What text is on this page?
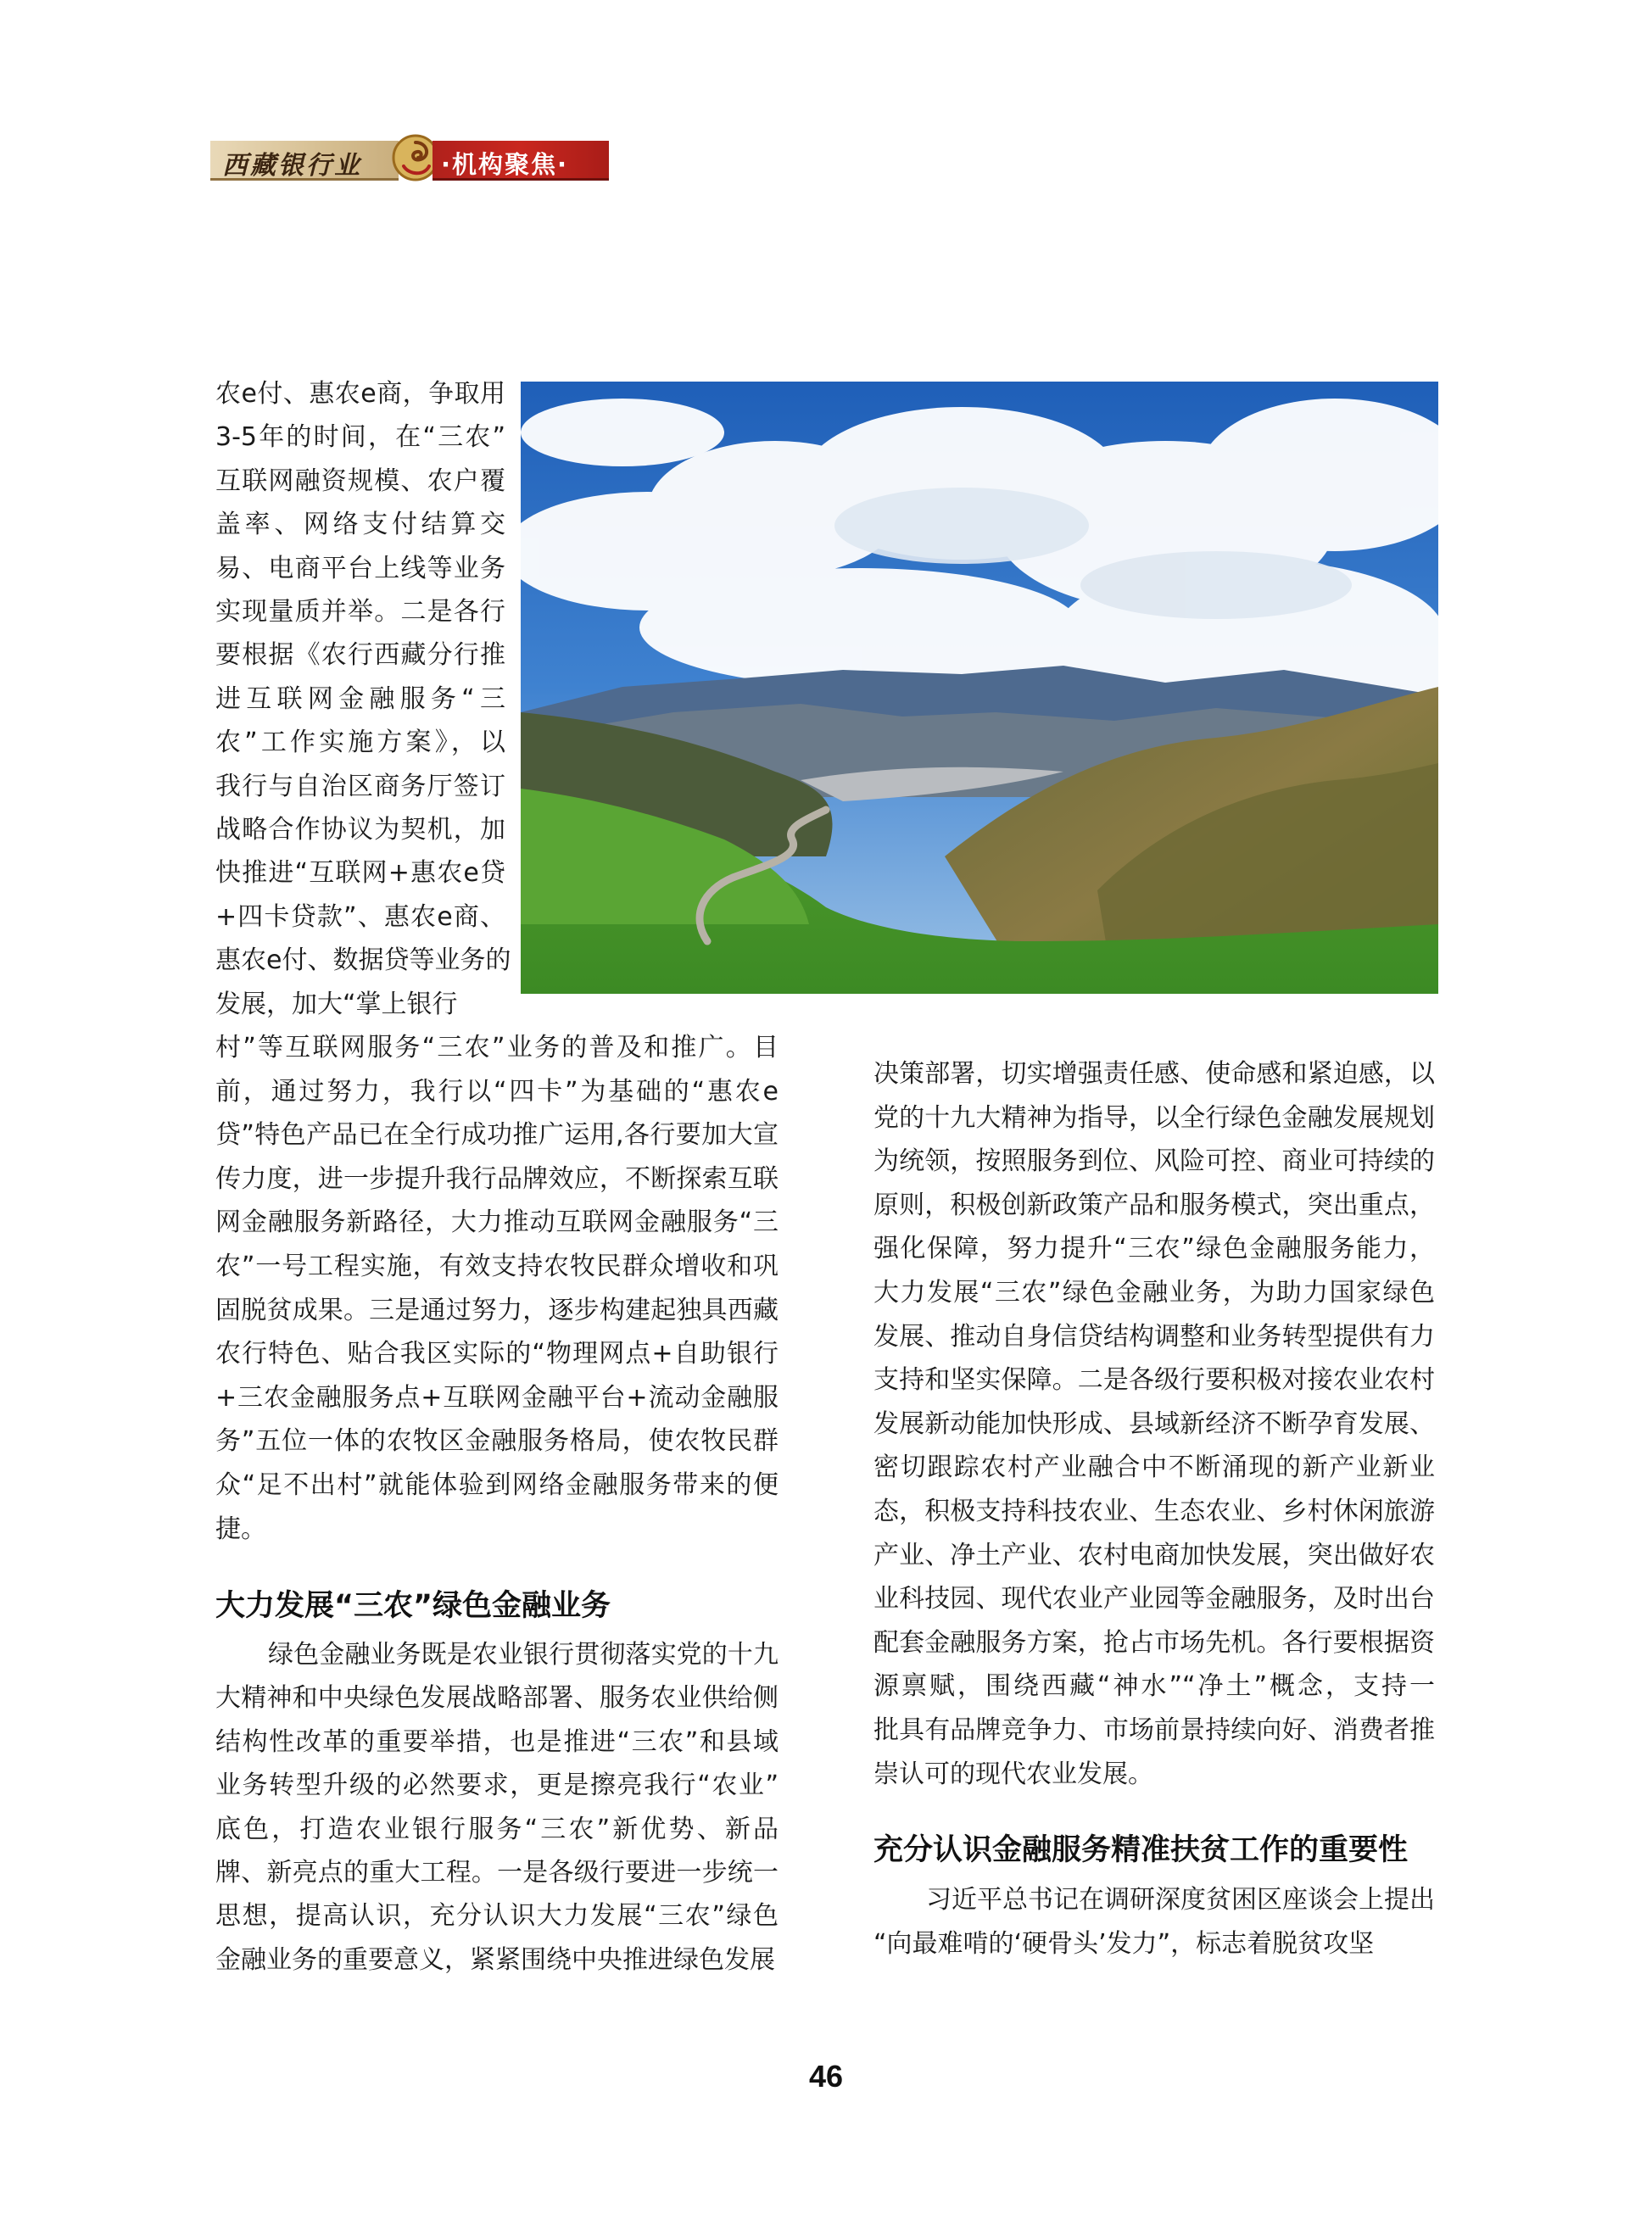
西藏银行业	·机构聚焦·
农e付、惠农e商，争取用
3-5年的时间，在“三农”
互联网融资规模、农户覆
盖率、网络支付结算交
易、电商平台上线等业务
实现量质并举。二是各行
要根据《农行西藏分行推
进互联网金融服务“三
农”工作实施方案》，以
我行与自治区商务厅签订
战略合作协议为契机，加
快推进“互联网+惠农e贷
+四卡贷款”、惠农e商、
惠农e付、数据贷等业务的
发展，加大“掌上银行
村”等互联网服务“三农”业务的普及和推广。目
前，通过努力，我行以“四卡”为基础的“惠农e
贷”特色产品已在全行成功推广运用,各行要加大宣
传力度，进一步提升我行品牌效应，不断探索互联
网金融服务新路径，大力推动互联网金融服务“三
农”一号工程实施，有效支持农牧民群众增收和巩
固脱贫成果。三是通过努力，逐步构建起独具西藏
农行特色、贴合我区实际的“物理网点+自助银行
+三农金融服务点+互联网金融平台+流动金融服
务”五位一体的农牧区金融服务格局，使农牧民群
众“足不出村”就能体验到网络金融服务带来的便
捷。
大力发展“三农”绿色金融业务
绿色金融业务既是农业银行贯彻落实党的十九
大精神和中央绿色发展战略部署、服务农业供给侧
结构性改革的重要举措，也是推进“三农”和县域
业务转型升级的必然要求，更是擦亮我行“农业”
底色，打造农业银行服务“三农”新优势、新品
牌、新亮点的重大工程。一是各级行要进一步统一
思想，提高认识，充分认识大力发展“三农”绿色
金融业务的重要意义，紧紧围绕中央推进绿色发展
决策部署，切实增强责任感、使命感和紧迫感，以
党的十九大精神为指导，以全行绿色金融发展规划
为统领，按照服务到位、风险可控、商业可持续的
原则，积极创新政策产品和服务模式，突出重点，
强化保障，努力提升“三农”绿色金融服务能力，
大力发展“三农”绿色金融业务，为助力国家绿色
发展、推动自身信贷结构调整和业务转型提供有力
支持和坚实保障。二是各级行要积极对接农业农村
发展新动能加快形成、县域新经济不断孕育发展、
密切跟踪农村产业融合中不断涌现的新产业新业
态，积极支持科技农业、生态农业、乡村休闲旅游
产业、净土产业、农村电商加快发展，突出做好农
业科技园、现代农业产业园等金融服务，及时出台
配套金融服务方案，抢占市场先机。各行要根据资
源禀赋，围绕西藏“神水”“净土”概念，支持一
批具有品牌竞争力、市场前景持续向好、消费者推
崇认可的现代农业发展。
充分认识金融服务精准扶贫工作的重要性
习近平总书记在调研深度贫困区座谈会上提出
“向最难啃的‘硬骨头’发力”，标志着脱贫攻坚
46
